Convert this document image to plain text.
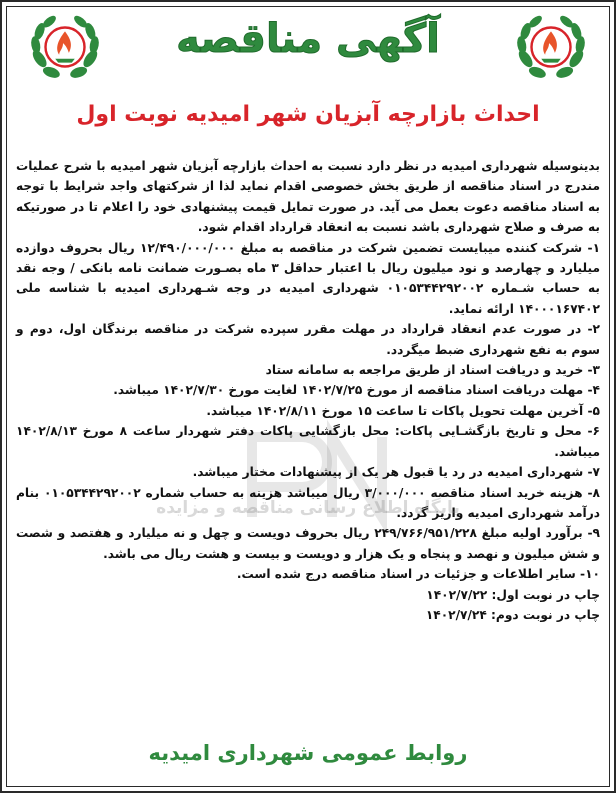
آگهی مناقصه
احداث بازارچه آبزیان شهر امیدیه نوبت اول

بدینوسیله شهرداری امیدیه در نظر دارد نسبت به احداث بازارچه آبزیان شهر امیدیه با شرح عملیات مندرج در اسناد مناقصه از طریق بخش خصوصی اقدام نماید لذا از شرکتهای واجد شرایط با توجه به اسناد مناقصه دعوت بعمل می آید. در صورت تمایل قیمت پیشنهادی خود را اعلام تا در صورتیکه به صرف و صلاح شهرداری باشد نسبت به انعقاد قرارداد اقدام شود.

۱- شرکت کننده میبایست تضمین شرکت در مناقصه به مبلغ ۱۲/۴۹۰/۰۰۰/۰۰۰ ریال بحروف دوازده میلیارد و چهارصد و نود میلیون ریال با اعتبار حداقل ۳ ماه بصـورت ضمانت نامه بانکی / وجه نقد به حساب شـماره ۰۱۰۵۳۴۴۲۹۲۰۰۲ شهرداری امیدیه در وجه شـهرداری امیدیه با شناسه ملی ۱۴۰۰۰۱۶۷۴۰۲ ارائه نماید.

۲- در صورت عدم انعقاد قرارداد در مهلت مقرر سپرده شرکت در مناقصه برندگان اول، دوم و سوم به نفع شهرداری ضبط میگردد.

۳- خرید و دریافت اسناد از طریق مراجعه به سامانه ستاد

۴- مهلت دریافت اسناد مناقصه از مورخ ۱۴۰۲/۷/۲۵ لغایت مورخ ۱۴۰۲/۷/۳۰ میباشد.

۵- آخرین مهلت تحویل پاکات تا ساعت ۱۵ مورخ ۱۴۰۲/۸/۱۱ میباشد.

۶- محل و تاریخ بازگشـایی پاکات: محل بازگشایی پاکات دفتر شهردار ساعت ۸ مورخ ۱۴۰۲/۸/۱۳ میباشد.

۷- شهرداری امیدیه در رد یا قبول هر یک از پیشنهادات مختار میباشد.

۸- هزینه خرید اسناد مناقصه ۳/۰۰۰/۰۰۰ ریال میباشد هزینه به حساب شماره ۰۱۰۵۳۴۴۲۹۲۰۰۲ بنام درآمد شهرداری امیدیه واریز گردد.

۹- برآورد اولیه مبلغ ۲۴۹/۷۶۶/۹۵۱/۲۲۸ ریال بحروف دویست و چهل و نه میلیارد و هفتصد و شصت و شش میلیون و نهصد و پنجاه و یک هزار و دویست و بیست و هشت ریال می باشد.

۱۰- سایر اطلاعات و جزئیات در اسناد مناقصه درج شده است.

چاپ در نوبت اول: ۱۴۰۲/۷/۲۲

چاپ در نوبت دوم: ۱۴۰۲/۷/۲۴

پایگاه اطلاع رسانی مناقصه و مزایده
روابط عمومی شهرداری امیدیه
